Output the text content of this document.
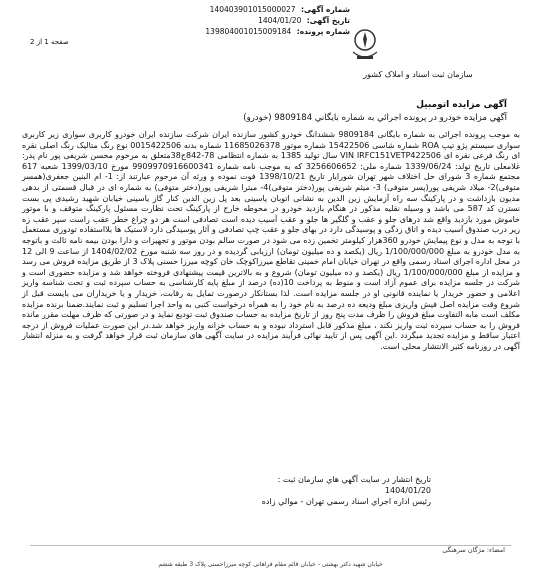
شماره آگهی: 140403901015000027
تاریخ آگهی: 1404/01/20
شماره پرونده: 139804001015009184
صفحه 1 از 2
سازمان ثبت اسناد و املاک کشور
آگهی مزایده اتومبیل
آگهي مزايده خودرو در پرونده اجرائي به شماره بايگاني 9809184 (خودرو)
به موجب پرونده اجرائی به شماره بایگانی 9809184 ششدانگ خودرو کشور سازنده ایران شرکت سازنده ایران خودرو کاربری سواری زیر کاربری سواری سیستم پژو تیپ ROA شماره شاسی 15422506 شماره موتور 11685026378 شماره بدنه 0015422506 نوع رنگ متالیک رنگ اصلی نقره ای رنگ فرعی نقره ای VIN IRFC151VETP422506 سال تولید 1385 به شماره انتظامی 78-842ج38متعلق به مرحوم محسن شریفی پور نام پدر: غلامعلی تاریخ تولد: 1339/06/24 شماره ملی: 3256606652 که به موجب نامه شماره 9909970916600341 مورخ 1399/03/10 شعبه 617 مجتمع شماره 3 شورای حل اختلاف شهر تهران شورایار تاریخ 1398/10/21 فوت نموده و ورثه آن مرحوم عبارتند از: 1- ام البنین جعفری(همسر متوفی)2- میلاد شریفی پور(پسر متوفی) 3- میثم شریفی پور(دختر متوفی)4- میترا شریفی پور(دختر متوفی) به شماره ای در قبال قسمتی از بدهی مدیون بازداشت و در پارکینگ سه راه آزمایش زین الدین به نشانی اتوبان یاسینی بعد پل زین الدین کنار گاز یاسینی خیابان شهید رشیدی پی بست نسترن کد 587 می باشد و وسیله نقلیه مذکور در هنگام بازدید خودرو در محوطه خارج از پارکینگ تحت نظارت مسئول پارکینگ متوقف و با موتور خاموش مورد بازدید واقع شد درهای جلو و عقب و گلگیر ها جلو و عقب آسیب دیده است تصادفی است هر دو چراغ خطر عقب راست سپر عقب زه زیر درب صندوق آسیب دیده و اتاق زدگی و پوسیدگی دارد در بهای جلو و عقب چپ تصادفی و آثار پوسیدگی دارد لاستیک ها بلااستفاده تودوزی مستعمل با توجه به مدل و نوع پیمایش خودرو 360هزار کیلومتر تخمین زده می شود در صورت سالم بودن موتور و تجهیزات و دارا بودن بیمه نامه ثالث و باتوجه به مدل خودرو به مبلغ 1/100/000/000 ریال (یکصد و ده میلیون تومان) ارزیابی گردیده و در روز سه شنبه مورخ 1404/02/02 از ساعت 9 الی 12 در محل اداره اجرای اسناد رسمی واقع در تهران خیابان امام خمینی تقاطع میرزاکوچک خان کوچه میرزا حسنی پلاک 3 از طریق مزایده فروش می رسد و مزایده از مبلغ 1/100/000/000 ریال (یکصد و ده میلیون تومان) شروع و به بالاترین قیمت پیشنهادی فروخته خواهد شد و مزایده حضوری است و شرکت در جلسه مزایده برای عموم آزاد است و منوط به پرداخت 10(ده) درصد از مبلغ پایه کارشناسی به حساب سپرده ثبت و تحت شناسه واریز اعلامی و حضور خریدار یا نماینده قانونی او در جلسه مزایده است. لذا بستانکار درصورت تمایل به رقابت، خریدار و یا خریداران می بایست قبل از شروع وقت مزایده اصل فیش واریزی مبلغ ودیعه ده درصد به نام خود را به همراه درخواست کتبی به واحد اجرا تسلیم و ثبت نمایند.ضمنا برنده مزایده مکلف است مابه التفاوت مبلغ فروش را ظرف مدت پنج روز از تاریخ مزایده به حساب صندوق ثبت تودیع نماید و در صورتی که ظرف مهلت مقرر مانده فروش را به حساب سپرده ثبت واریز نکند ، مبلغ مذکور قابل استرداد نبوده و به حساب خزانه واریز خواهد شد.در این صورت عملیات فروش از درجه اعتبار ساقط و مزایده تجدید میگردد .این آگهی پس از تایید نهائی فرآیند مزایده در سایت آگهی های سازمان ثبت قرار خواهد گرفت و به منزله انتشار آگهی در روزنامه کثیر الانتشار محلی است.
تاريخ انتشار در سايت آگهي هاي سازمان ثبت :
1404/01/20
رئيس اداره اجراي اسناد رسمي تهران - موالي زاده
امضاء: مژگان سرهنگی
خیابان شهید دکتر بهشتی - خیابان قائم مقام فراهانی کوچه میرزاحسنی پلاک 3 طبقه ششم
